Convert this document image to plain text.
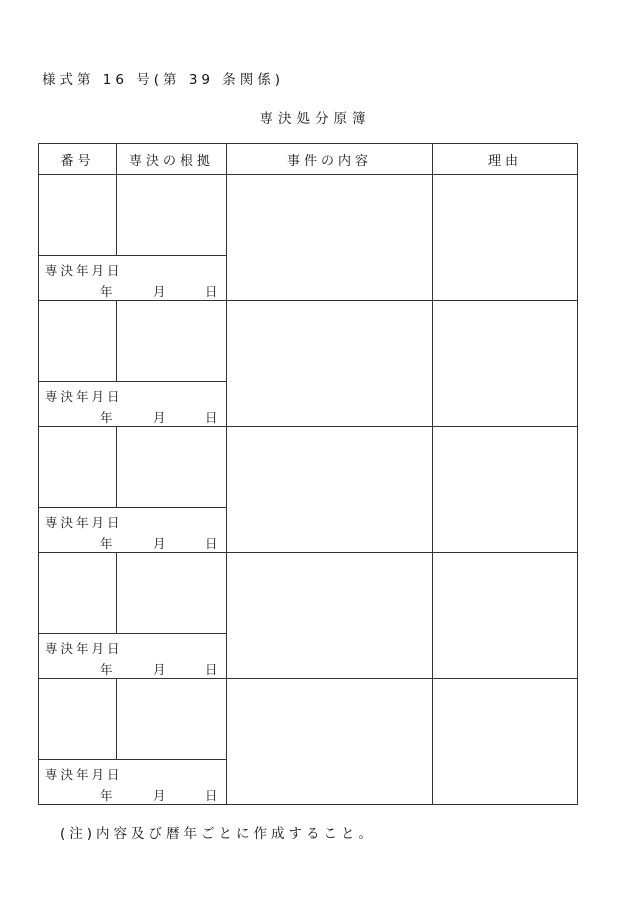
様式第 16 号(第 39 条関係)
専決処分原簿
番号	専決の根拠	事件の内容	理由

専決年月日
年 月 日			

専決年月日
年 月 日			

専決年月日
年 月 日			

専決年月日
年 月 日			

専決年月日
年 月 日			
(注)内容及び暦年ごとに作成すること。
